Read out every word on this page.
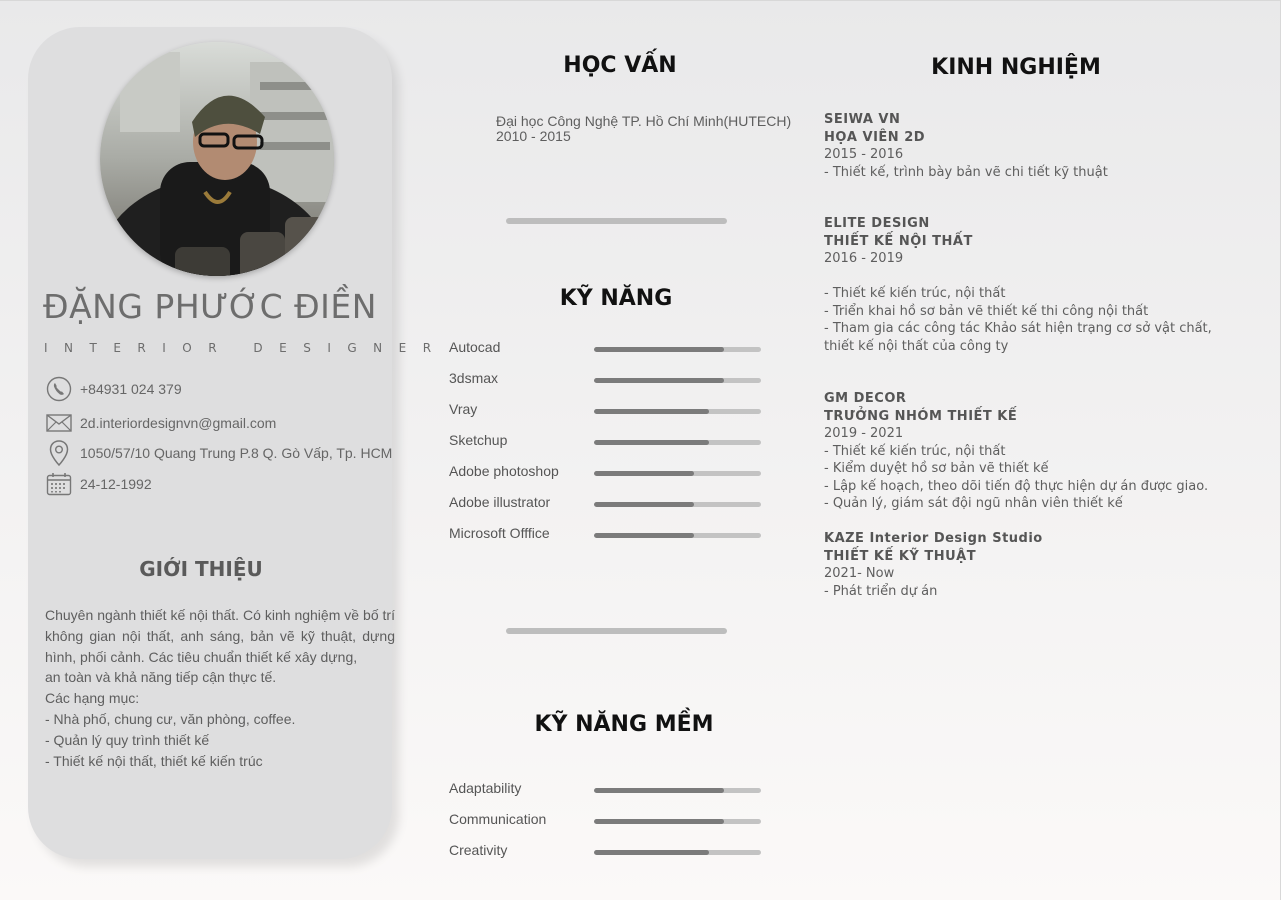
ĐẶNG PHƯỚC ĐIỀN
INTERIOR DESIGNER
+84931 024 379
2d.interiordesignvn@gmail.com
1050/57/10 Quang Trung P.8 Q. Gò Vấp, Tp. HCM
24-12-1992
GIỚI THIỆU
Chuyên ngành thiết kế nội thất. Có kinh nghiệm về bố trí không gian nội thất, anh sáng, bản vẽ kỹ thuật, dựng hình, phối cảnh. Các tiêu chuẩn thiết kế xây dựng,
an toàn và khả năng tiếp cận thực tế.
Các hạng mục:
- Nhà phố, chung cư, văn phòng, coffee.
- Quản lý quy trình thiết kế
- Thiết kế nội thất, thiết kế kiến trúc
HỌC VẤN
Đại học Công Nghệ TP. Hồ Chí Minh(HUTECH)
2010 - 2015
KỸ NĂNG
Autocad
3dsmax
Vray
Sketchup
Adobe photoshop
Adobe illustrator
Microsoft Offfice
KỸ NĂNG MỀM
Adaptability
Communication
Creativity
KINH NGHIỆM
SEIWA VN
HỌA VIÊN 2D
2015 - 2016
- Thiết kế, trình bày bản vẽ chi tiết kỹ thuật
ELITE DESIGN
THIẾT KẾ NỘI THẤT
2016 - 2019
- Thiết kế kiến trúc, nội thất
- Triển khai hồ sơ bản vẽ thiết kế thi công nội thất
- Tham gia các công tác Khảo sát hiện trạng cơ sở vật chất,
thiết kế nội thất của công ty
GM DECOR
TRƯỞNG NHÓM THIẾT KẾ
2019 - 2021
- Thiết kế kiến trúc, nội thất
- Kiểm duyệt hồ sơ bản vẽ thiết kế
- Lập kế hoạch, theo dõi tiến độ thực hiện dự án được giao.
- Quản lý, giám sát đội ngũ nhân viên thiết kế
KAZE Interior Design Studio
THIẾT KẾ KỸ THUẬT
2021- Now
- Phát triển dự án
